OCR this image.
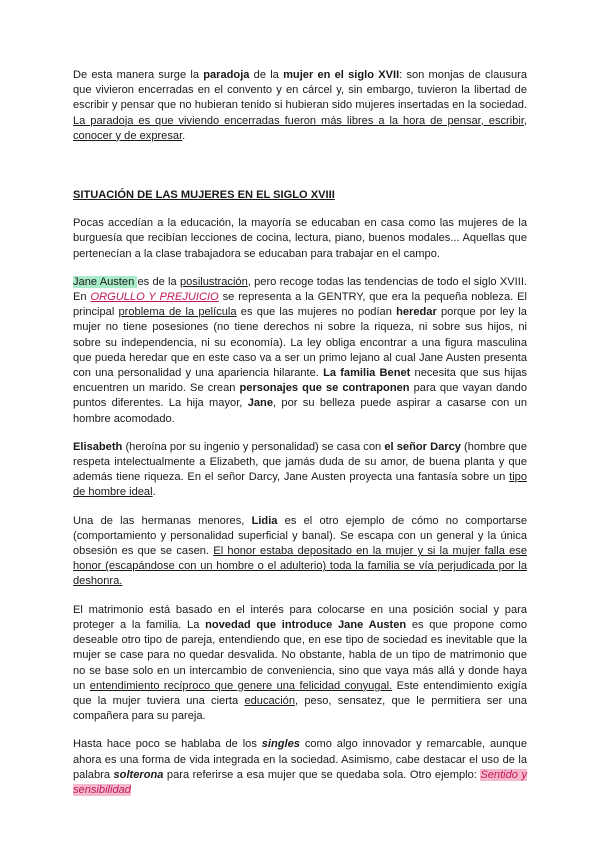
De esta manera surge la paradoja de la mujer en el siglo XVII: son monjas de clausura que vivieron encerradas en el convento y en cárcel y, sin embargo, tuvieron la libertad de escribir y pensar que no hubieran tenido si hubieran sido mujeres insertadas en la sociedad. La paradoja es que viviendo encerradas fueron más libres a la hora de pensar, escribir, conocer y de expresar.

SITUACIÓN DE LAS MUJERES EN EL SIGLO XVIII

Pocas accedían a la educación, la mayoría se educaban en casa como las mujeres de la burguesía que recibían lecciones de cocina, lectura, piano, buenos modales... Aquellas que pertenecían a la clase trabajadora se educaban para trabajar en el campo.

Jane Austen es de la posilustración, pero recoge todas las tendencias de todo el siglo XVIII. En ORGULLO Y PREJUICIO se representa a la GENTRY, que era la pequeña nobleza. El principal problema de la película es que las mujeres no podían heredar porque por ley la mujer no tiene posesiones (no tiene derechos ni sobre la riqueza, ni sobre sus hijos, ni sobre su independencia, ni su economía). La ley obliga encontrar a una figura masculina que pueda heredar que en este caso va a ser un primo lejano al cual Jane Austen presenta con una personalidad y una apariencia hilarante. La familia Benet necesita que sus hijas encuentren un marido. Se crean personajes que se contraponen para que vayan dando puntos diferentes. La hija mayor, Jane, por su belleza puede aspirar a casarse con un hombre acomodado.

Elisabeth (heroína por su ingenio y personalidad) se casa con el señor Darcy (hombre que respeta intelectualmente a Elizabeth, que jamás duda de su amor, de buena planta y que además tiene riqueza. En el señor Darcy, Jane Austen proyecta una fantasía sobre un tipo de hombre ideal.

Una de las hermanas menores, Lidia es el otro ejemplo de cómo no comportarse (comportamiento y personalidad superficial y banal). Se escapa con un general y la única obsesión es que se casen. El honor estaba depositado en la mujer y si la mujer falla ese honor (escapándose con un hombre o el adulterio) toda la familia se vía perjudicada por la deshonra.

El matrimonio está basado en el interés para colocarse en una posición social y para proteger a la familia. La novedad que introduce Jane Austen es que propone como deseable otro tipo de pareja, entendiendo que, en ese tipo de sociedad es inevitable que la mujer se case para no quedar desvalida. No obstante, habla de un tipo de matrimonio que no se base solo en un intercambio de conveniencia, sino que vaya más allá y donde haya un entendimiento recíproco que genere una felicidad conyugal. Este entendimiento exigía que la mujer tuviera una cierta educación, peso, sensatez, que le permitiera ser una compañera para su pareja.

Hasta hace poco se hablaba de los singles como algo innovador y remarcable, aunque ahora es una forma de vida integrada en la sociedad. Asimismo, cabe destacar el uso de la palabra solterona para referirse a esa mujer que se quedaba sola. Otro ejemplo: Sentido y sensibilidad
